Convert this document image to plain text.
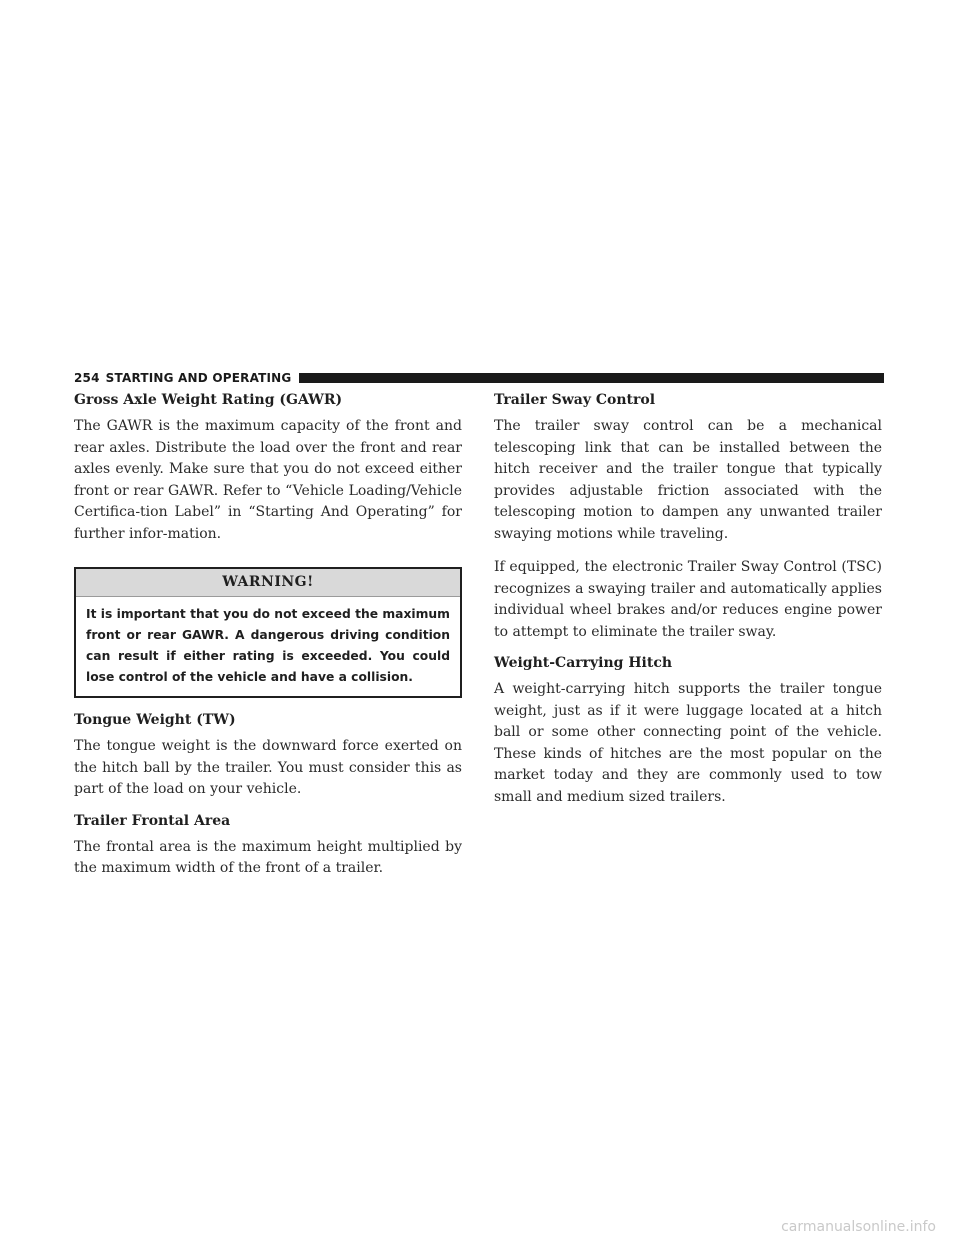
254 STARTING AND OPERATING
Gross Axle Weight Rating (GAWR)

The GAWR is the maximum capacity of the front and rear axles. Distribute the load over the front and rear axles evenly. Make sure that you do not exceed either front or rear GAWR. Refer to “Vehicle Loading/Vehicle Certifica-tion Label” in “Starting And Operating” for further infor-mation.

WARNING!
It is important that you do not exceed the maximum front or rear GAWR. A dangerous driving condition can result if either rating is exceeded. You could lose control of the vehicle and have a collision.
Tongue Weight (TW)

The tongue weight is the downward force exerted on the hitch ball by the trailer. You must consider this as part of the load on your vehicle.

Trailer Frontal Area

The frontal area is the maximum height multiplied by the maximum width of the front of a trailer.

Trailer Sway Control

The trailer sway control can be a mechanical telescoping link that can be installed between the hitch receiver and the trailer tongue that typically provides adjustable friction associated with the telescoping motion to dampen any unwanted trailer swaying motions while traveling.

If equipped, the electronic Trailer Sway Control (TSC) recognizes a swaying trailer and automatically applies individual wheel brakes and/or reduces engine power to attempt to eliminate the trailer sway.

Weight-Carrying Hitch

A weight-carrying hitch supports the trailer tongue weight, just as if it were luggage located at a hitch ball or some other connecting point of the vehicle. These kinds of hitches are the most popular on the market today and they are commonly used to tow small and medium sized trailers.

carmanualsonline.info
